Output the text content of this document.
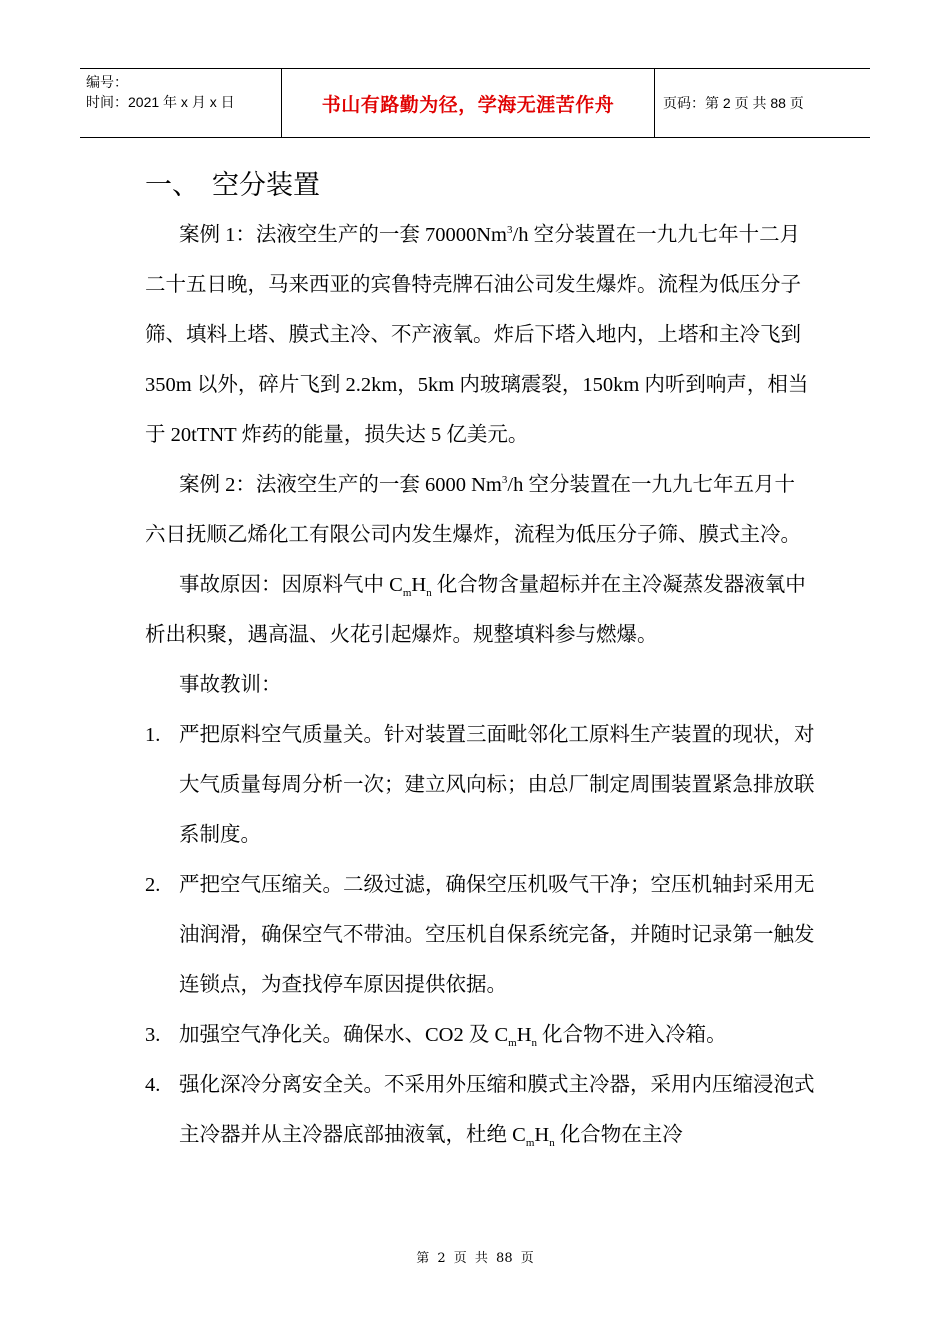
编号：
时间：2021 年 x 月 x 日	书山有路勤为径，学海无涯苦作舟	页码：第 2 页 共 88 页
一、 空分装置

案例 1：法液空生产的一套 70000Nm$^3$/h 空分装置在一九九七年十二月二十五日晚，马来西亚的宾鲁特壳牌石油公司发生爆炸。流程为低压分子筛、填料上塔、膜式主冷、不产液氧。炸后下塔入地内，上塔和主冷飞到 350m 以外，碎片飞到 2.2km，5km 内玻璃震裂，150km 内听到响声，相当于 20tTNT 炸药的能量，损失达 5 亿美元。

案例 2：法液空生产的一套 6000 Nm$^3$/h 空分装置在一九九七年五月十六日抚顺乙烯化工有限公司内发生爆炸，流程为低压分子筛、膜式主冷。

事故原因：因原料气中 $C_mH_n$ 化合物含量超标并在主冷凝蒸发器液氧中析出积聚，遇高温、火花引起爆炸。规整填料参与燃爆。

事故教训：

1. 严把原料空气质量关。针对装置三面毗邻化工原料生产装置的现状，对大气质量每周分析一次；建立风向标；由总厂制定周围装置紧急排放联系制度。
2. 严把空气压缩关。二级过滤，确保空压机吸气干净；空压机轴封采用无油润滑，确保空气不带油。空压机自保系统完备，并随时记录第一触发连锁点，为查找停车原因提供依据。
3. 加强空气净化关。确保水、CO2 及 $C_mH_n$ 化合物不进入冷箱。
4. 强化深冷分离安全关。不采用外压缩和膜式主冷器，采用内压缩浸泡式主冷器并从主冷器底部抽液氧，杜绝 $C_mH_n$ 化合物在主冷
第 2 页 共 88 页
